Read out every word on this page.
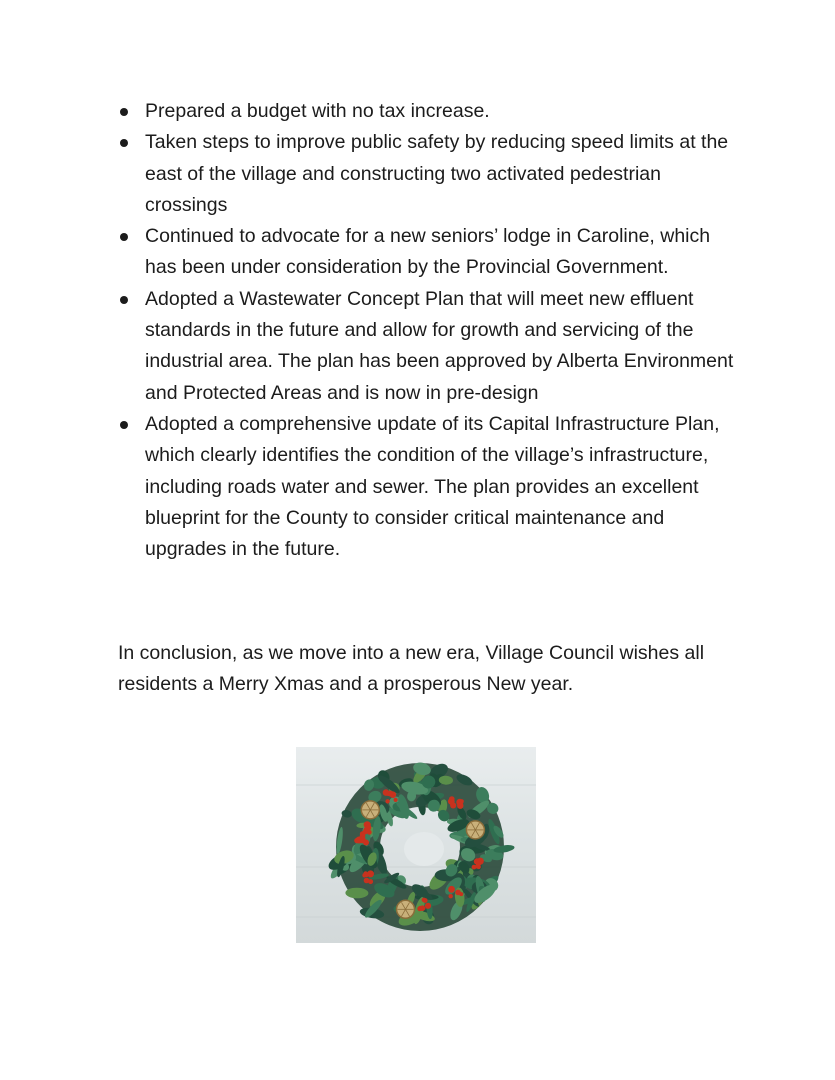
Prepared a budget with no tax increase.
Taken steps to improve public safety by reducing speed limits at the east of the village and constructing two activated pedestrian crossings
Continued to advocate for a new seniors’ lodge in Caroline, which has been under consideration by the Provincial Government.
Adopted a Wastewater Concept Plan that will meet new effluent standards in the future and allow for growth and servicing of the industrial area. The plan has been approved by Alberta Environment and Protected Areas and is now in pre-design
Adopted a comprehensive update of its Capital Infrastructure Plan, which clearly identifies the condition of the village’s infrastructure, including roads water and sewer. The plan provides an excellent blueprint for the County to consider critical maintenance and upgrades in the future.

In conclusion, as we move into a new era, Village Council wishes all residents a Merry Xmas and a prosperous New year.
